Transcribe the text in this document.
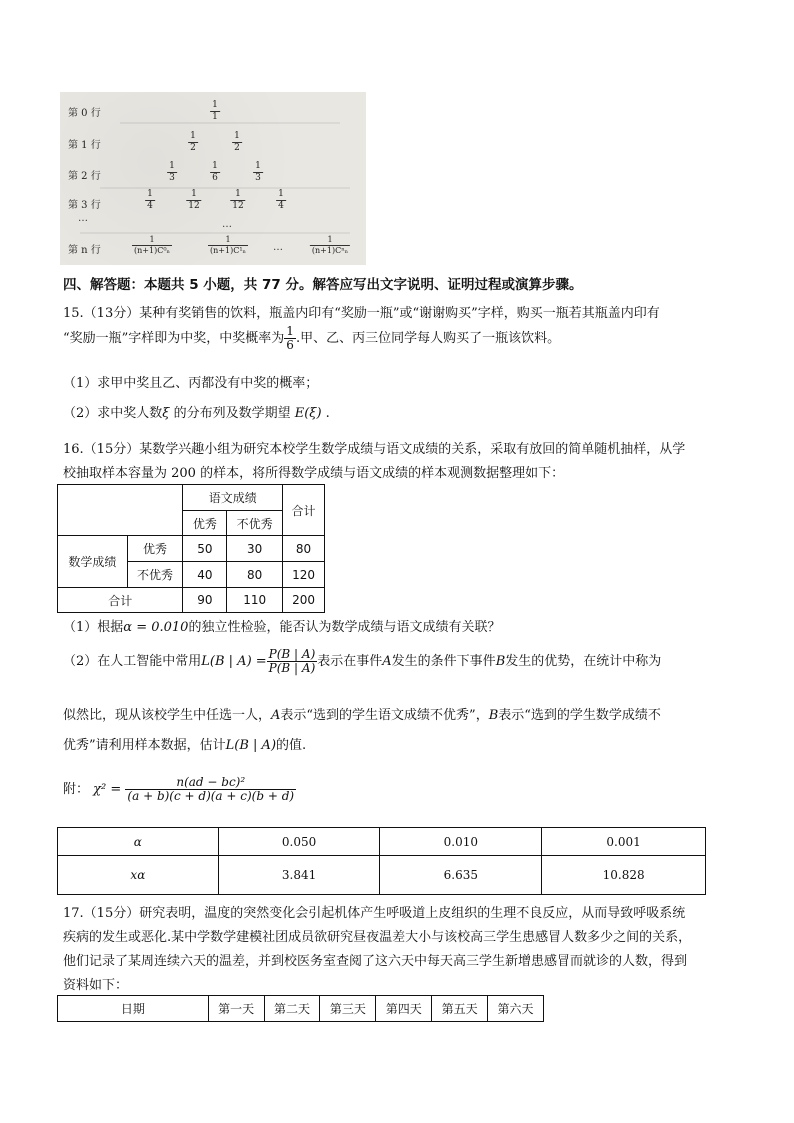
第 0 行
1
1
第 1 行
1
2
1
2
第 2 行
1
3
1
6
1
3
第 3 行
1
4
1
12
1
12
1
4
…
…
第 n 行
1
(n+1)C⁰ₙ
1
(n+1)C¹ₙ	…
1
(n+1)Cⁿₙ
四、解答题：本题共 5 小题，共 77 分。解答应写出文字说明、证明过程或演算步骤。
15.（13分）某种有奖销售的饮料，瓶盖内印有“奖励一瓶”或“谢谢购买”字样，购买一瓶若其瓶盖内印有
“奖励一瓶”字样即为中奖，中奖概率为 $\frac{1}{6}$ .甲、乙、丙三位同学每人购买了一瓶该饮料。
（1）求甲中奖且乙、丙都没有中奖的概率；
（2）求中奖人数ξ 的分布列及数学期望 E(ξ) .
16.（15分）某数学兴趣小组为研究本校学生数学成绩与语文成绩的关系，采取有放回的简单随机抽样，从学
校抽取样本容量为 200 的样本，将所得数学成绩与语文成绩的样本观测数据整理如下：
		语文成绩		合计
		优秀	不优秀	
数学成绩	优秀	50	30	80
	不优秀	40	80	120
合计		90	110	200
（1）根据α = 0.010的独立性检验，能否认为数学成绩与语文成绩有关联？
（2）在人工智能中常用L(B | $A) = \frac{P(B | A)}{P(B̄ | A)}$ 表示在事件A发生的条件下事件B发生的优势，在统计中称为
似然比，现从该校学生中任选一人，A表示“选到的学生语文成绩不优秀”，B表示“选到的学生数学成绩不
优秀”请利用样本数据，估计L(B | A)的值.
附： $\chi^2 = \frac{\text{n(ad − bc)²}}{(a + b)(c + d)(a + c)(b + d)}$
α	0.050	0.010	0.001
xα	3.841	6.635	10.828
17.（15分）研究表明，温度的突然变化会引起机体产生呼吸道上皮组织的生理不良反应，从而导致呼吸系统
疾病的发生或恶化.某中学数学建模社团成员欲研究昼夜温差大小与该校高三学生患感冒人数多少之间的关系，
他们记录了某周连续六天的温差，并到校医务室查阅了这六天中每天高三学生新增患感冒而就诊的人数，得到
资料如下：
日期	第一天	第二天	第三天	第四天	第五天	第六天
